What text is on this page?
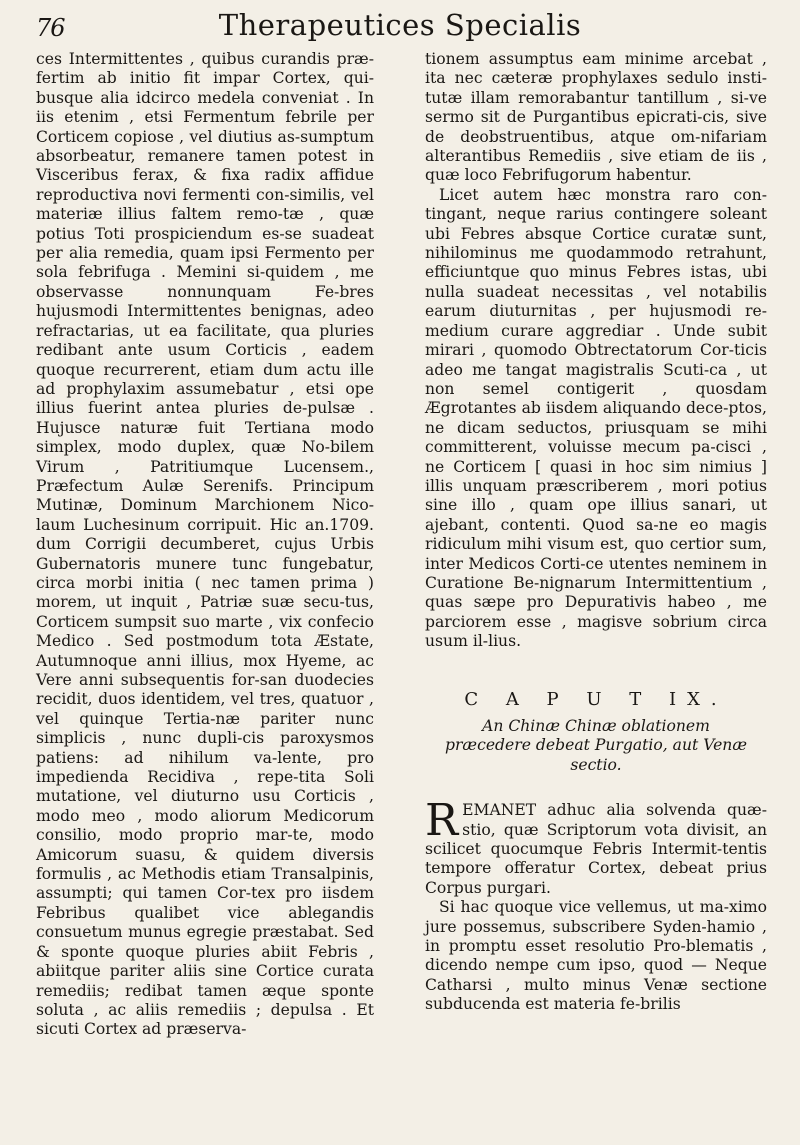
76	Therapeutices Specialis

ces Intermittentes , quibus curandis præ-fertim ab initio fit impar Cortex, qui-busque alia idcirco medela conveniat . In iis etenim , etsi Fermentum febrile per Corticem copiose , vel diutius as-sumptum absorbeatur, remanere tamen potest in Visceribus ferax, & fixa radix affidue reproductiva novi fermenti con-similis, vel materiæ illius faltem remo-tæ , quæ potius Toti prospiciendum es-se suadeat per alia remedia, quam ipsi Fermento per sola febrifuga . Memini si-quidem , me observasse nonnunquam Fe-bres hujusmodi Intermittentes benignas, adeo refractarias, ut ea facilitate, qua pluries redibant ante usum Corticis , eadem quoque recurrerent, etiam dum actu ille ad prophylaxim assumebatur , etsi ope illius fuerint antea pluries de-pulsæ . Hujusce naturæ fuit Tertiana modo simplex, modo duplex, quæ No-bilem Virum , Patritiumque Lucensem., Præfectum Aulæ Serenifs. Principum Mutinæ, Dominum Marchionem Nico-laum Luchesinum corripuit. Hic an.1709. dum Corrigii decumberet, cujus Urbis Gubernatoris munere tunc fungebatur, circa morbi initia ( nec tamen prima ) morem, ut inquit , Patriæ suæ secu-tus, Corticem sumpsit suo marte , vix confecio Medico . Sed postmodum tota Æstate, Autumnoque anni illius, mox Hyeme, ac Vere anni subsequentis for-san duodecies recidit, duos identidem, vel tres, quatuor , vel quinque Tertia-næ pariter nunc simplicis , nunc dupli-cis paroxysmos patiens: ad nihilum va-lente, pro impedienda Recidiva , repe-tita Soli mutatione, vel diuturno usu Corticis , modo meo , modo aliorum Medicorum consilio, modo proprio mar-te, modo Amicorum suasu, & quidem diversis formulis , ac Methodis etiam Transalpinis, assumpti; qui tamen Cor-tex pro iisdem Febribus qualibet vice ablegandis consuetum munus egregie præstabat. Sed & sponte quoque pluries abiit Febris , abiitque pariter aliis sine Cortice curata remediis; redibat tamen æque sponte soluta , ac aliis remediis ; depulsa . Et sicuti Cortex ad præserva-

tionem assumptus eam minime arcebat , ita nec cæteræ prophylaxes sedulo insti-tutæ illam remorabantur tantillum , si-ve sermo sit de Purgantibus epicrati-cis, sive de deobstruentibus, atque om-nifariam alterantibus Remediis , sive etiam de iis , quæ loco Febrifugorum habentur.

Licet autem hæc monstra raro con-tingant, neque rarius contingere soleant ubi Febres absque Cortice curatæ sunt, nihilominus me quodammodo retrahunt, efficiuntque quo minus Febres istas, ubi nulla suadeat necessitas , vel notabilis earum diuturnitas , per hujusmodi re-medium curare aggrediar . Unde subit mirari , quomodo Obtrectatorum Cor-ticis adeo me tangat magistralis Scuti-ca , ut non semel contigerit , quosdam Ægrotantes ab iisdem aliquando dece-ptos, ne dicam seductos, priusquam se mihi committerent, voluisse mecum pa-cisci , ne Corticem [ quasi in hoc sim nimius ] illis unquam præscriberem , mori potius sine illo , quam ope illius sanari, ut ajebant, contenti. Quod sa-ne eo magis ridiculum mihi visum est, quo certior sum, inter Medicos Corti-ce utentes neminem in Curatione Be-nignarum Intermittentium , quas sæpe pro Depurativis habeo , me parciorem esse , magisve sobrium circa usum il-lius.

C A P U T IX.
An Chinæ Chinæ oblationem præcedere debeat Purgatio, aut Venæ sectio.

REMANET adhuc alia solvenda quæ-stio, quæ Scriptorum vota divisit, an scilicet quocumque Febris Intermit-tentis tempore offeratur Cortex, debeat prius Corpus purgari.

Si hac quoque vice vellemus, ut ma-ximo jure possemus, subscribere Syden-hamio , in promptu esset resolutio Pro-blematis , dicendo nempe cum ipso, quod — Neque Catharsi , multo minus Venæ sectione subducenda est materia fe-brilis
